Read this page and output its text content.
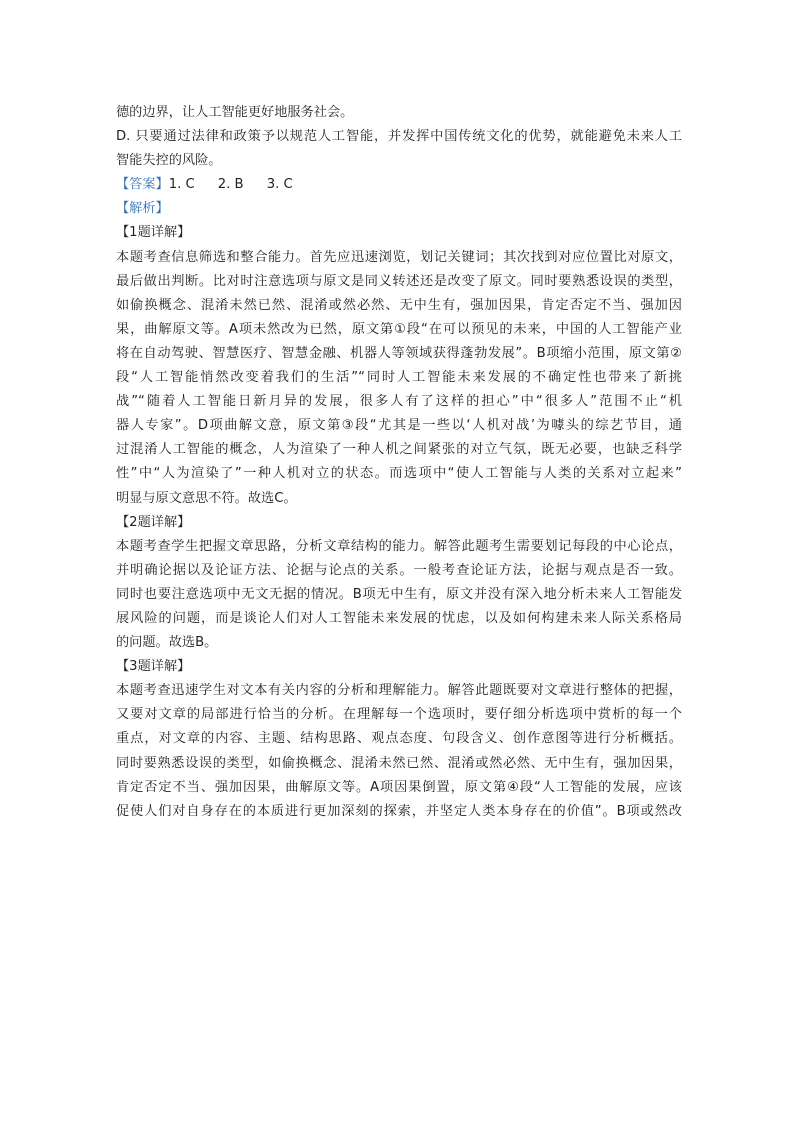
德的边界，让人工智能更好地服务社会。
D. 只要通过法律和政策予以规范人工智能，并发挥中国传统文化的优势，就能避免未来人工
智能失控的风险。
【答案】1. C 2. B 3. C
【解析】
【1题详解】
本题考查信息筛选和整合能力。首先应迅速浏览，划记关键词；其次找到对应位置比对原文，
最后做出判断。比对时注意选项与原文是同义转述还是改变了原文。同时要熟悉设误的类型，
如偷换概念、混淆未然已然、混淆或然必然、无中生有，强加因果，肯定否定不当、强加因
果，曲解原文等。A项未然改为已然，原文第①段“在可以预见的未来，中国的人工智能产业
将在自动驾驶、智慧医疗、智慧金融、机器人等领域获得蓬勃发展”。B项缩小范围，原文第②
段“人工智能悄然改变着我们的生活”“同时人工智能未来发展的不确定性也带来了新挑
战”“随着人工智能日新月异的发展，很多人有了这样的担心”中“很多人”范围不止“机
器人专家”。D项曲解文意，原文第③段“尤其是一些以‘人机对战’为噱头的综艺节目，通
过混淆人工智能的概念，人为渲染了一种人机之间紧张的对立气氛，既无必要，也缺乏科学
性”中“人为渲染了”一种人机对立的状态。而选项中“使人工智能与人类的关系对立起来”
明显与原文意思不符。故选C。
【2题详解】
本题考查学生把握文章思路，分析文章结构的能力。解答此题考生需要划记每段的中心论点，
并明确论据以及论证方法、论据与论点的关系。一般考查论证方法，论据与观点是否一致。
同时也要注意选项中无文无据的情况。B项无中生有，原文并没有深入地分析未来人工智能发
展风险的问题，而是谈论人们对人工智能未来发展的忧虑，以及如何构建未来人际关系格局
的问题。故选B。
【3题详解】
本题考查迅速学生对文本有关内容的分析和理解能力。解答此题既要对文章进行整体的把握，
又要对文章的局部进行恰当的分析。在理解每一个选项时，要仔细分析选项中赏析的每一个
重点，对文章的内容、主题、结构思路、观点态度、句段含义、创作意图等进行分析概括。
同时要熟悉设误的类型，如偷换概念、混淆未然已然、混淆或然必然、无中生有，强加因果，
肯定否定不当、强加因果，曲解原文等。A项因果倒置，原文第④段“人工智能的发展，应该
促使人们对自身存在的本质进行更加深刻的探索，并坚定人类本身存在的价值”。B项或然改
